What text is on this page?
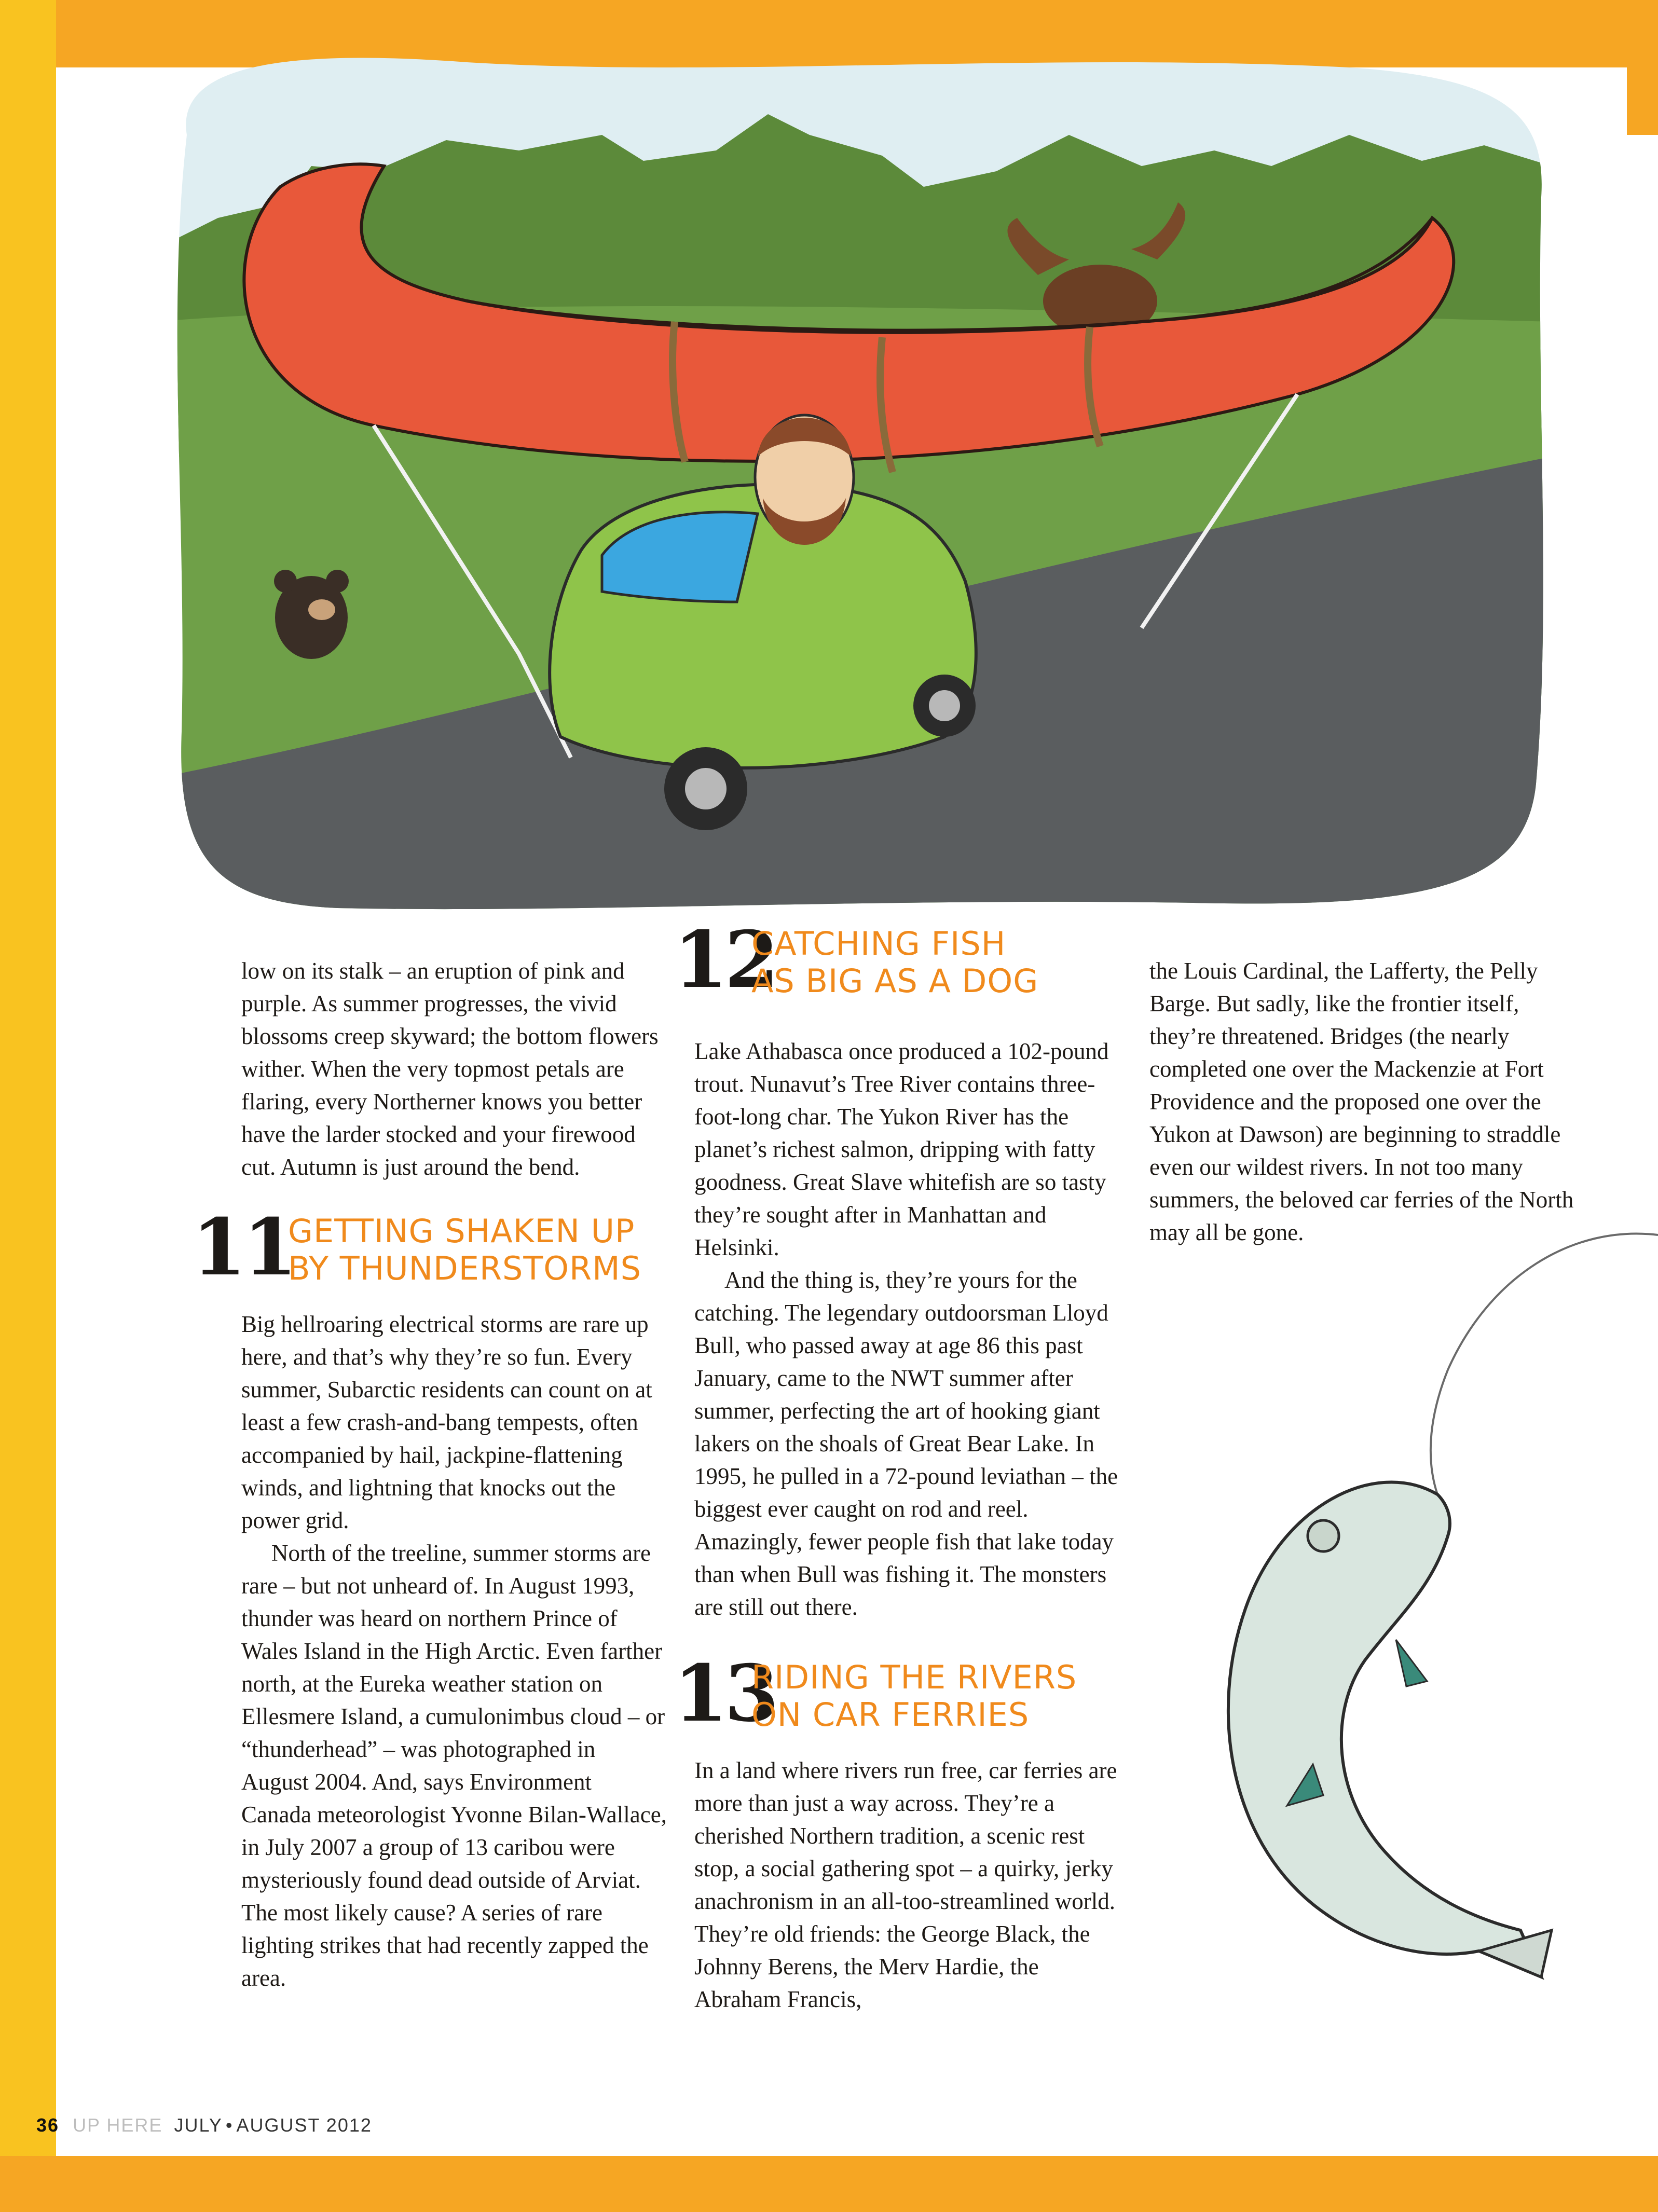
low on its stalk – an eruption of pink and purple. As summer progresses, the vivid blossoms creep skyward; the bottom flowers wither. When the very topmost petals are flaring, every Northerner knows you better have the larder stocked and your firewood cut. Autumn is just around the bend.

11
GETTING SHAKEN UP
BY THUNDERSTORMS

Big hellroaring electrical storms are rare up here, and that’s why they’re so fun. Every summer, Subarctic residents can count on at least a few crash-and-bang tempests, often accompanied by hail, jackpine-flattening winds, and lightning that knocks out the power grid.

North of the treeline, summer storms are rare – but not unheard of. In August 1993, thunder was heard on northern Prince of Wales Island in the High Arctic. Even farther north, at the Eureka weather station on Ellesmere Island, a cumulonimbus cloud – or “thunderhead” – was photographed in August 2004. And, says Environment Canada meteorologist Yvonne Bilan-Wallace, in July 2007 a group of 13 caribou were mysteriously found dead outside of Arviat. The most likely cause? A series of rare lighting strikes that had recently zapped the area.

12
CATCHING FISH
AS BIG AS A DOG

Lake Athabasca once produced a 102-pound trout. Nunavut’s Tree River contains three-foot-long char. The Yukon River has the planet’s richest salmon, dripping with fatty goodness. Great Slave whitefish are so tasty they’re sought after in Manhattan and Helsinki.

And the thing is, they’re yours for the catching. The legendary outdoorsman Lloyd Bull, who passed away at age 86 this past January, came to the NWT summer after summer, perfecting the art of hooking giant lakers on the shoals of Great Bear Lake. In 1995, he pulled in a 72-pound leviathan – the biggest ever caught on rod and reel. Amazingly, fewer people fish that lake today than when Bull was fishing it. The monsters are still out there.

13
RIDING THE RIVERS
ON CAR FERRIES

In a land where rivers run free, car ferries are more than just a way across. They’re a cherished Northern tradition, a scenic rest stop, a social gathering spot – a quirky, jerky anachronism in an all-too-streamlined world. They’re old friends: the George Black, the Johnny Berens, the Merv Hardie, the Abraham Francis,

the Louis Cardinal, the Lafferty, the Pelly Barge. But sadly, like the frontier itself, they’re threatened. Bridges (the nearly completed one over the Mackenzie at Fort Providence and the proposed one over the Yukon at Dawson) are beginning to straddle even our wildest rivers. In not too many summers, the beloved car ferries of the North may all be gone.

36 UP HERE JULY • AUGUST 2012
